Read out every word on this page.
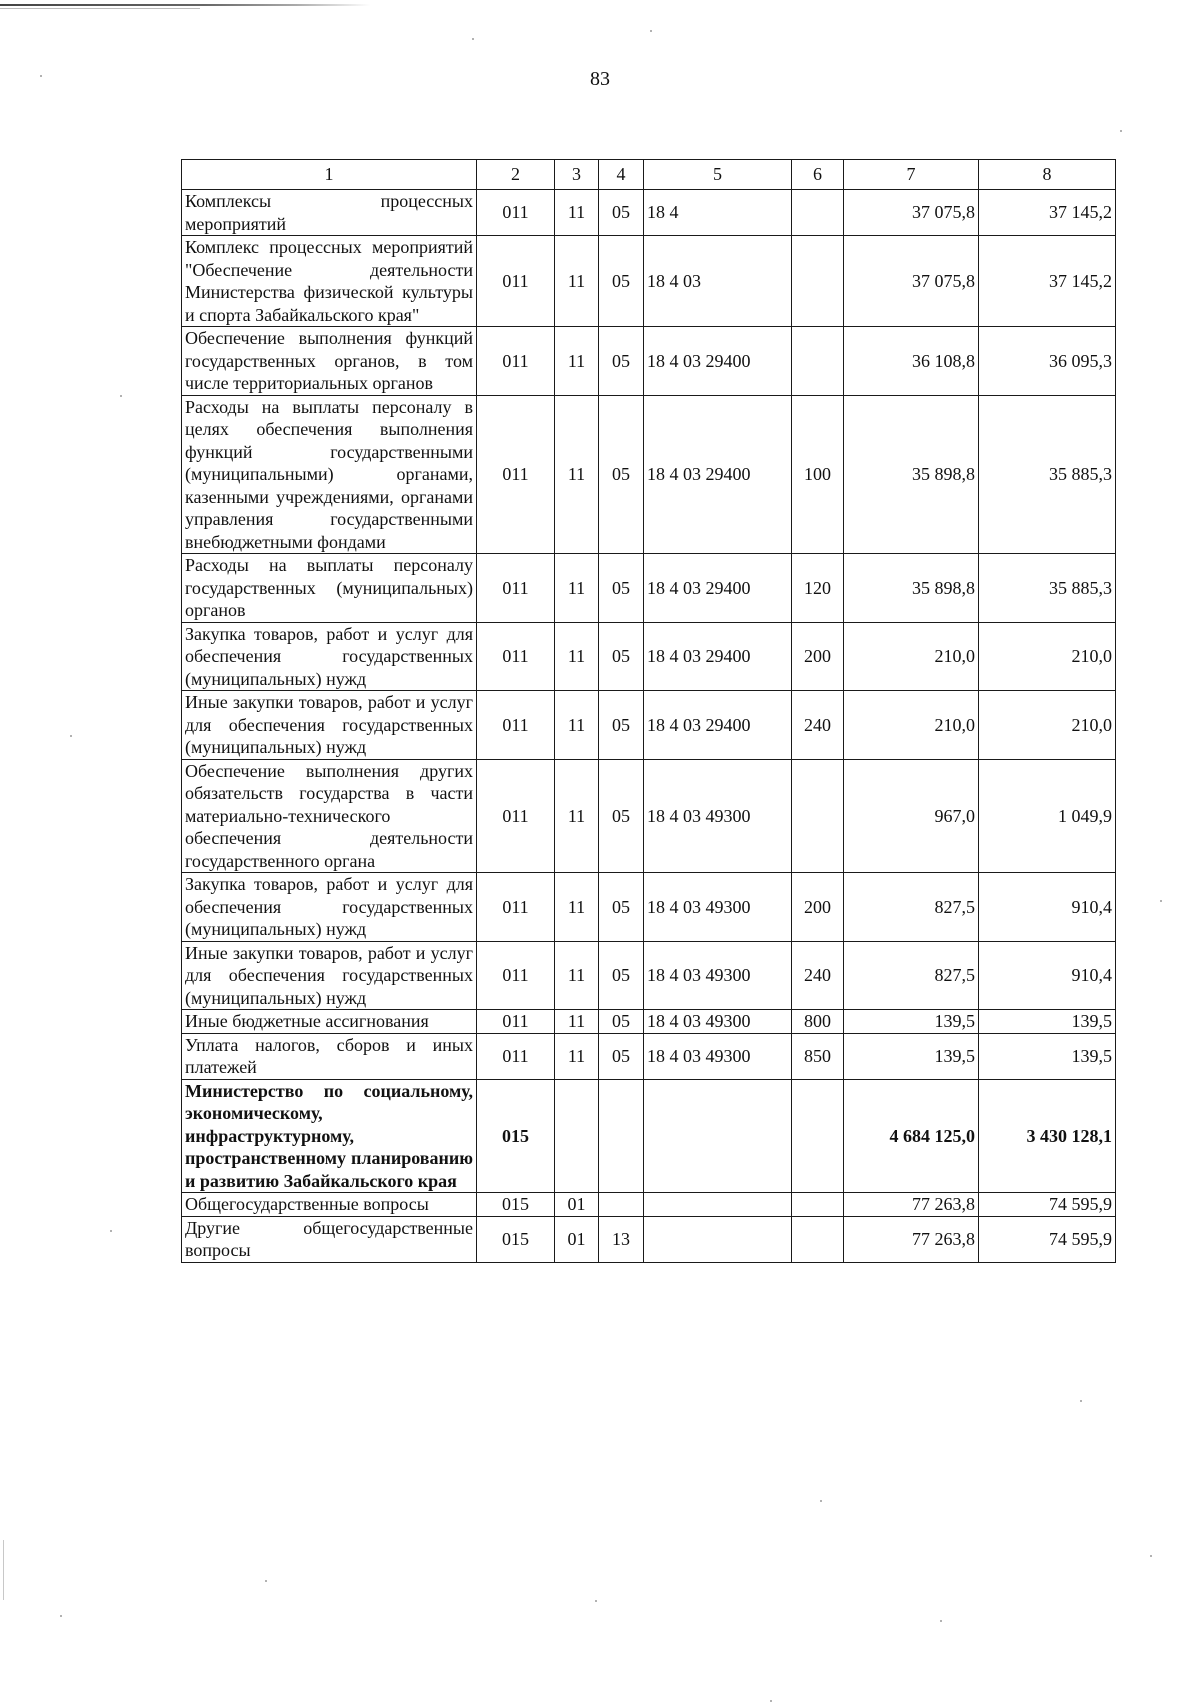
83
1	2	3	4	5	6	7	8
Комплексы процессных мероприятий	011	11	05	18 4		37 075,8	37 145,2
Комплекс процессных мероприятий "Обеспечение деятельности Министерства физической культуры и спорта Забайкальского края"	011	11	05	18 4 03		37 075,8	37 145,2
Обеспечение выполнения функций государственных органов, в том числе территориальных органов	011	11	05	18 4 03 29400		36 108,8	36 095,3
Расходы на выплаты персоналу в целях обеспечения выполнения функций государственными (муниципальными) органами, казенными учреждениями, органами управления государственными внебюджетными фондами	011	11	05	18 4 03 29400	100	35 898,8	35 885,3
Расходы на выплаты персоналу государственных (муниципальных) органов	011	11	05	18 4 03 29400	120	35 898,8	35 885,3
Закупка товаров, работ и услуг для обеспечения государственных (муниципальных) нужд	011	11	05	18 4 03 29400	200	210,0	210,0
Иные закупки товаров, работ и услуг для обеспечения государственных (муниципальных) нужд	011	11	05	18 4 03 29400	240	210,0	210,0
Обеспечение выполнения других обязательств государства в части материально-технического обеспечения деятельности государственного органа	011	11	05	18 4 03 49300		967,0	1 049,9
Закупка товаров, работ и услуг для обеспечения государственных (муниципальных) нужд	011	11	05	18 4 03 49300	200	827,5	910,4
Иные закупки товаров, работ и услуг для обеспечения государственных (муниципальных) нужд	011	11	05	18 4 03 49300	240	827,5	910,4
Иные бюджетные ассигнования	011	11	05	18 4 03 49300	800	139,5	139,5
Уплата налогов, сборов и иных платежей	011	11	05	18 4 03 49300	850	139,5	139,5
Министерство по социальному, экономическому, инфраструктурному, пространственному планированию и развитию Забайкальского края	015					4 684 125,0	3 430 128,1
Общегосударственные вопросы	015	01				77 263,8	74 595,9
Другие общегосударственные вопросы	015	01	13			77 263,8	74 595,9
